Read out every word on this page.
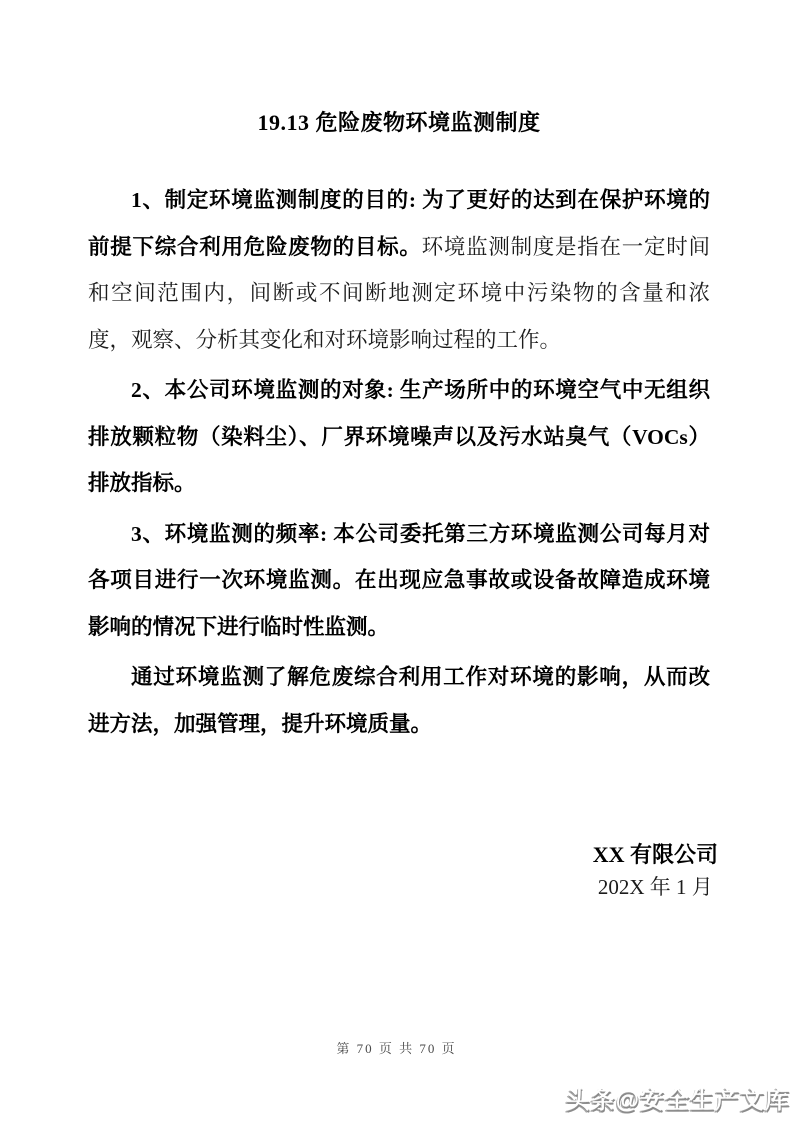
19.13 危险废物环境监测制度

1、制定环境监测制度的目的: 为了更好的达到在保护环境的前提下综合利用危险废物的目标。环境监测制度是指在一定时间和空间范围内，间断或不间断地测定环境中污染物的含量和浓度，观察、分析其变化和对环境影响过程的工作。

2、本公司环境监测的对象: 生产场所中的环境空气中无组织排放颗粒物（染料尘）、厂界环境噪声以及污水站臭气（VOCs）排放指标。

3、环境监测的频率: 本公司委托第三方环境监测公司每月对各项目进行一次环境监测。在出现应急事故或设备故障造成环境影响的情况下进行临时性监测。

通过环境监测了解危废综合利用工作对环境的影响，从而改进方法，加强管理，提升环境质量。

XX 有限公司
202X 年 1 月
第 70 页 共 70 页
头条@安全生产文库
